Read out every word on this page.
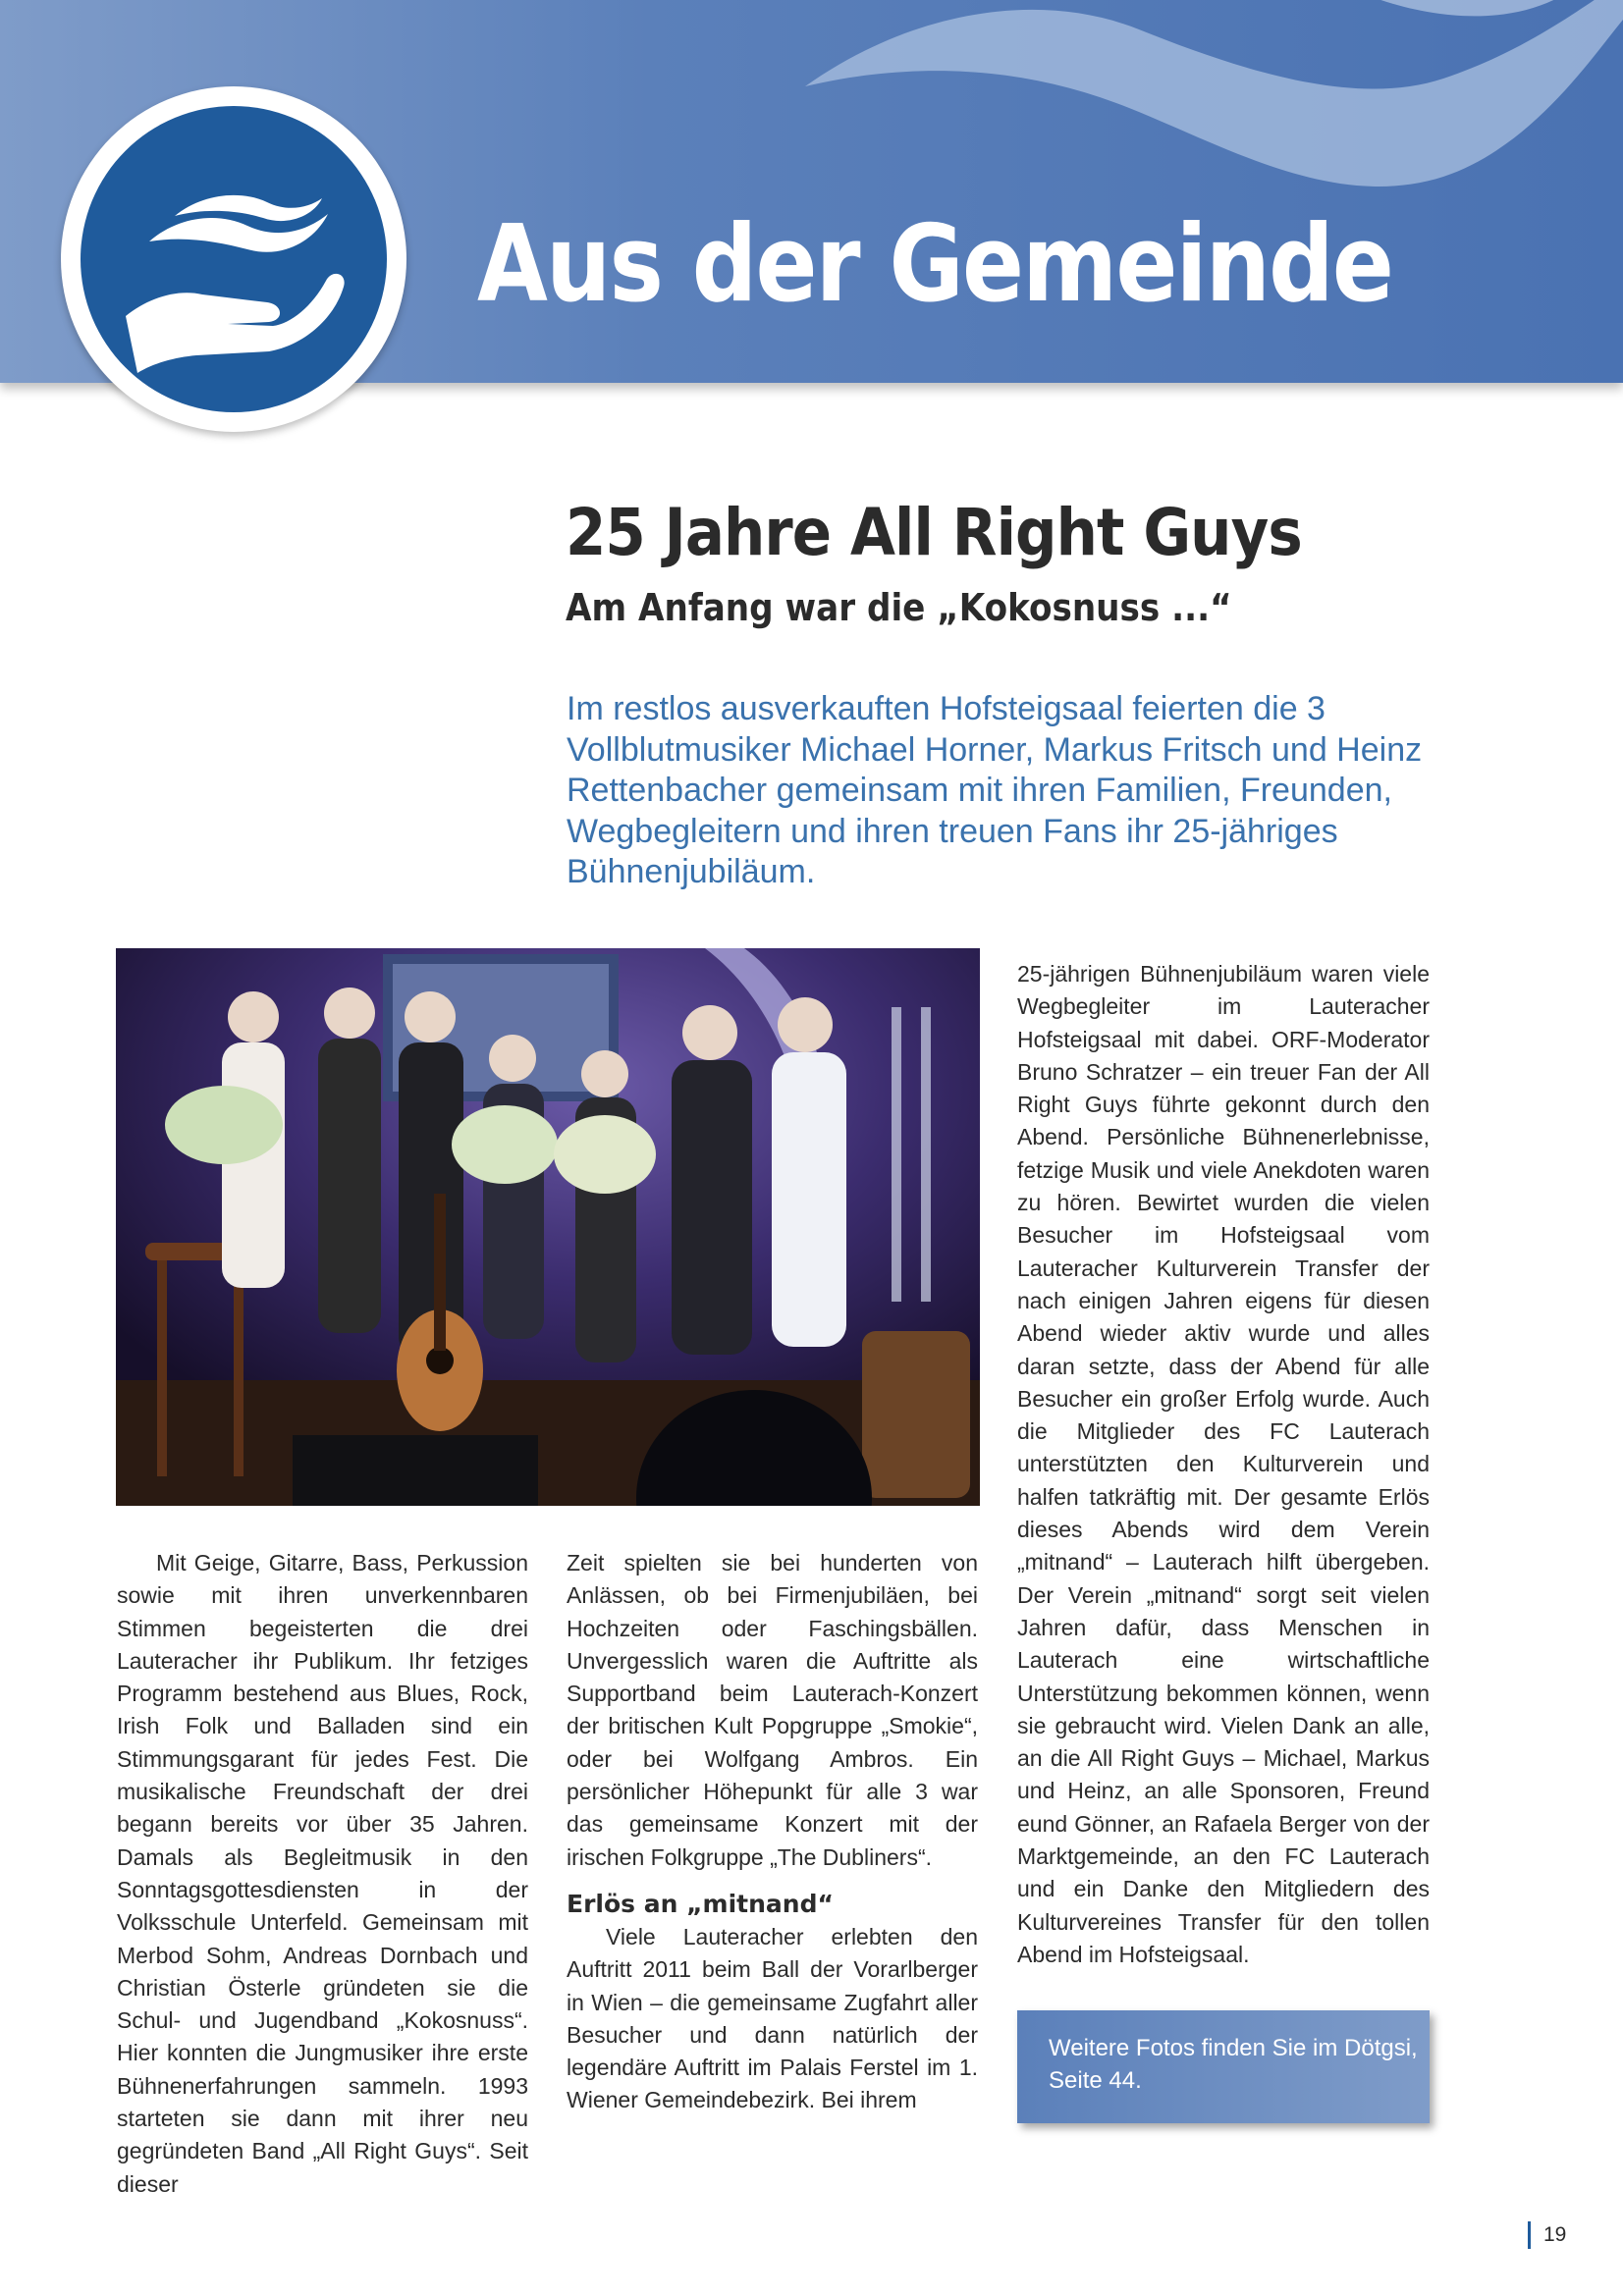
Aus der Gemeinde
25 Jahre All Right Guys
Am Anfang war die „Kokosnuss ...“

Im restlos ausverkauften Hofsteigsaal feierten die 3 Vollblutmusiker Michael Horner, Markus Fritsch und Heinz Rettenbacher gemeinsam mit ihren Familien, Freunden, Wegbegleitern und ihren treuen Fans ihr 25-jähriges Bühnenjubiläum.

Mit Geige, Gitarre, Bass, Perkussion sowie mit ihren unverkennbaren Stimmen begeisterten die drei Lauteracher ihr Publikum. Ihr fetziges Programm bestehend aus Blues, Rock, Irish Folk und Balladen sind ein Stimmungsgarant für jedes Fest. Die musikalische Freundschaft der drei begann bereits vor über 35 Jahren. Damals als Begleitmusik in den Sonntagsgottesdiensten in der Volksschule Unterfeld. Gemeinsam mit Merbod Sohm, Andreas Dornbach und Christian Österle gründeten sie die Schul- und Jugendband „Kokosnuss“. Hier konnten die Jungmusiker ihre erste Bühnenerfahrungen sammeln. 1993 starteten sie dann mit ihrer neu gegründeten Band „All Right Guys“. Seit dieser

Zeit spielten sie bei hunderten von Anlässen, ob bei Firmenjubiläen, bei Hochzeiten oder Faschingsbällen. Unvergesslich waren die Auftritte als Supportband beim Lauterach-Konzert der britischen Kult Popgruppe „Smokie“, oder bei Wolfgang Ambros. Ein persönlicher Höhepunkt für alle 3 war das gemeinsame Konzert mit der irischen Folkgruppe „The Dubliners“.

Erlös an „mitnand“

Viele Lauteracher erlebten den Auftritt 2011 beim Ball der Vorarlberger in Wien – die gemeinsame Zugfahrt aller Besucher und dann natürlich der legendäre Auftritt im Palais Ferstel im 1. Wiener Gemeindebezirk. Bei ihrem

25-jährigen Bühnenjubiläum waren viele Wegbegleiter im Lauteracher Hofsteigsaal mit dabei. ORF-Moderator Bruno Schratzer – ein treuer Fan der All Right Guys führte gekonnt durch den Abend. Persönliche Bühnenerlebnisse, fetzige Musik und viele Anekdoten waren zu hören. Bewirtet wurden die vielen Besucher im Hofsteigsaal vom Lauteracher Kulturverein Transfer der nach einigen Jahren eigens für diesen Abend wieder aktiv wurde und alles daran setzte, dass der Abend für alle Besucher ein großer Erfolg wurde. Auch die Mitglieder des FC Lauterach unterstützten den Kulturverein und halfen tatkräftig mit. Der gesamte Erlös dieses Abends wird dem Verein „mitnand“ – Lauterach hilft übergeben. Der Verein „mitnand“ sorgt seit vielen Jahren dafür, dass Menschen in Lauterach eine wirtschaftliche Unterstützung bekommen können, wenn sie gebraucht wird. Vielen Dank an alle, an die All Right Guys – Michael, Markus und Heinz, an alle Sponsoren, Freund eund Gönner, an Rafaela Berger von der Marktgemeinde, an den FC Lauterach und ein Danke den Mitgliedern des Kulturvereines Transfer für den tollen Abend im Hofsteigsaal.

Weitere Fotos finden Sie im Dötgsi, Seite 44.

19
